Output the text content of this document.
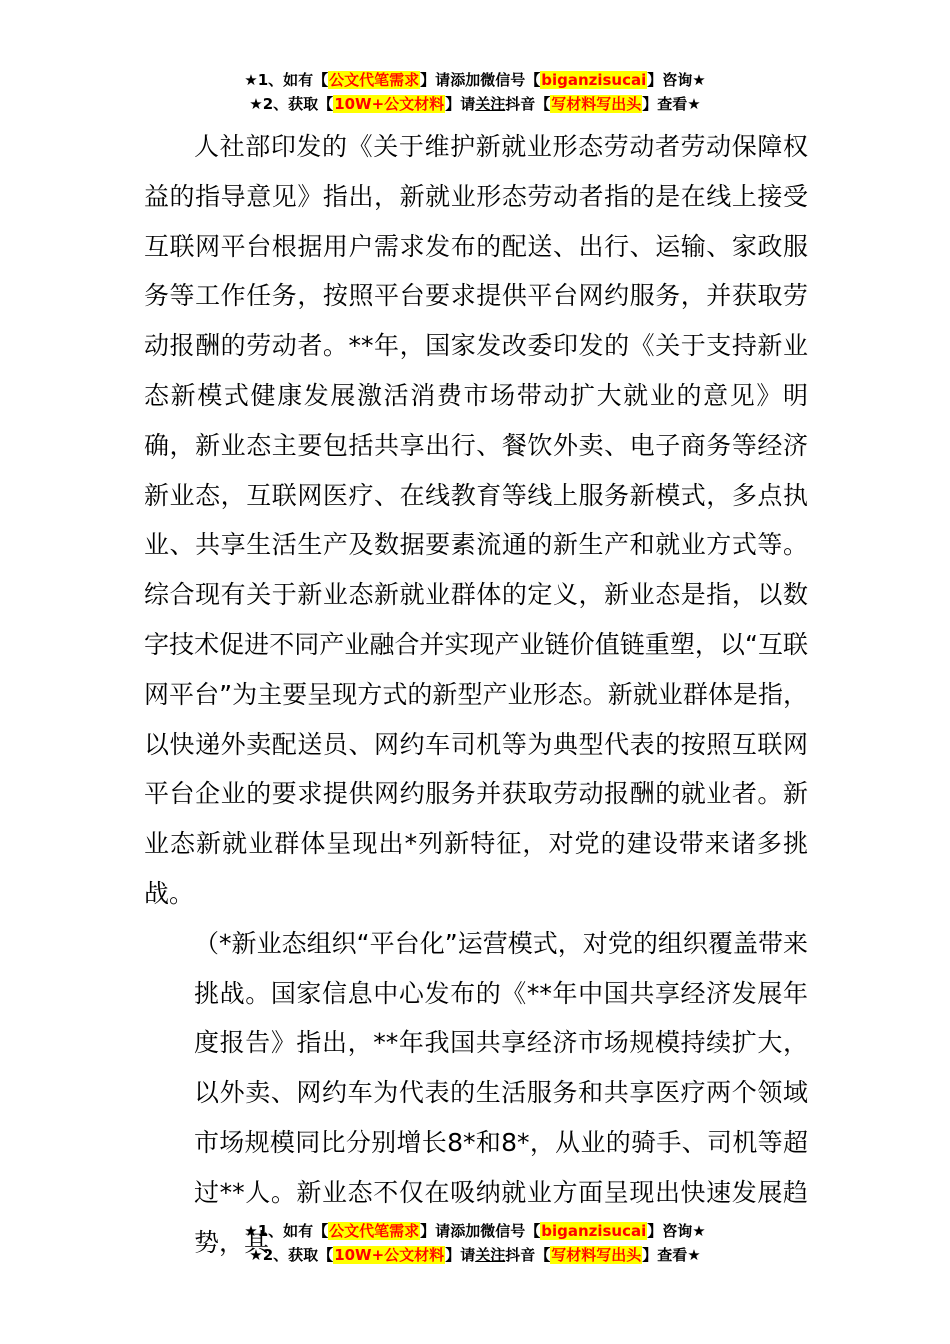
★1、如有【公文代笔需求】请添加微信号【biganzisucai】咨询★
★2、获取【10W+公文材料】请关注抖音【写材料写出头】查看★

人社部印发的《关于维护新就业形态劳动者劳动保障权益的指导意见》指出，新就业形态劳动者指的是在线上接受互联网平台根据用户需求发布的配送、出行、运输、家政服务等工作任务，按照平台要求提供平台网约服务，并获取劳动报酬的劳动者。**年，国家发改委印发的《关于支持新业态新模式健康发展激活消费市场带动扩大就业的意见》明确，新业态主要包括共享出行、餐饮外卖、电子商务等经济新业态，互联网医疗、在线教育等线上服务新模式，多点执业、共享生活生产及数据要素流通的新生产和就业方式等。综合现有关于新业态新就业群体的定义，新业态是指，以数字技术促进不同产业融合并实现产业链价值链重塑，以“互联网平台”为主要呈现方式的新型产业形态。新就业群体是指，以快递外卖配送员、网约车司机等为典型代表的按照互联网平台企业的要求提供网约服务并获取劳动报酬的就业者。新业态新就业群体呈现出*列新特征，对党的建设带来诸多挑战。

（*新业态组织“平台化”运营模式，对党的组织覆盖带来挑战。国家信息中心发布的《**年中国共享经济发展年度报告》指出，**年我国共享经济市场规模持续扩大，以外卖、网约车为代表的生活服务和共享医疗两个领域市场规模同比分别增长8*和8*，从业的骑手、司机等超过**人。新业态不仅在吸纳就业方面呈现出快速发展趋势，其

★1、如有【公文代笔需求】请添加微信号【biganzisucai】咨询★
★2、获取【10W+公文材料】请关注抖音【写材料写出头】查看★
